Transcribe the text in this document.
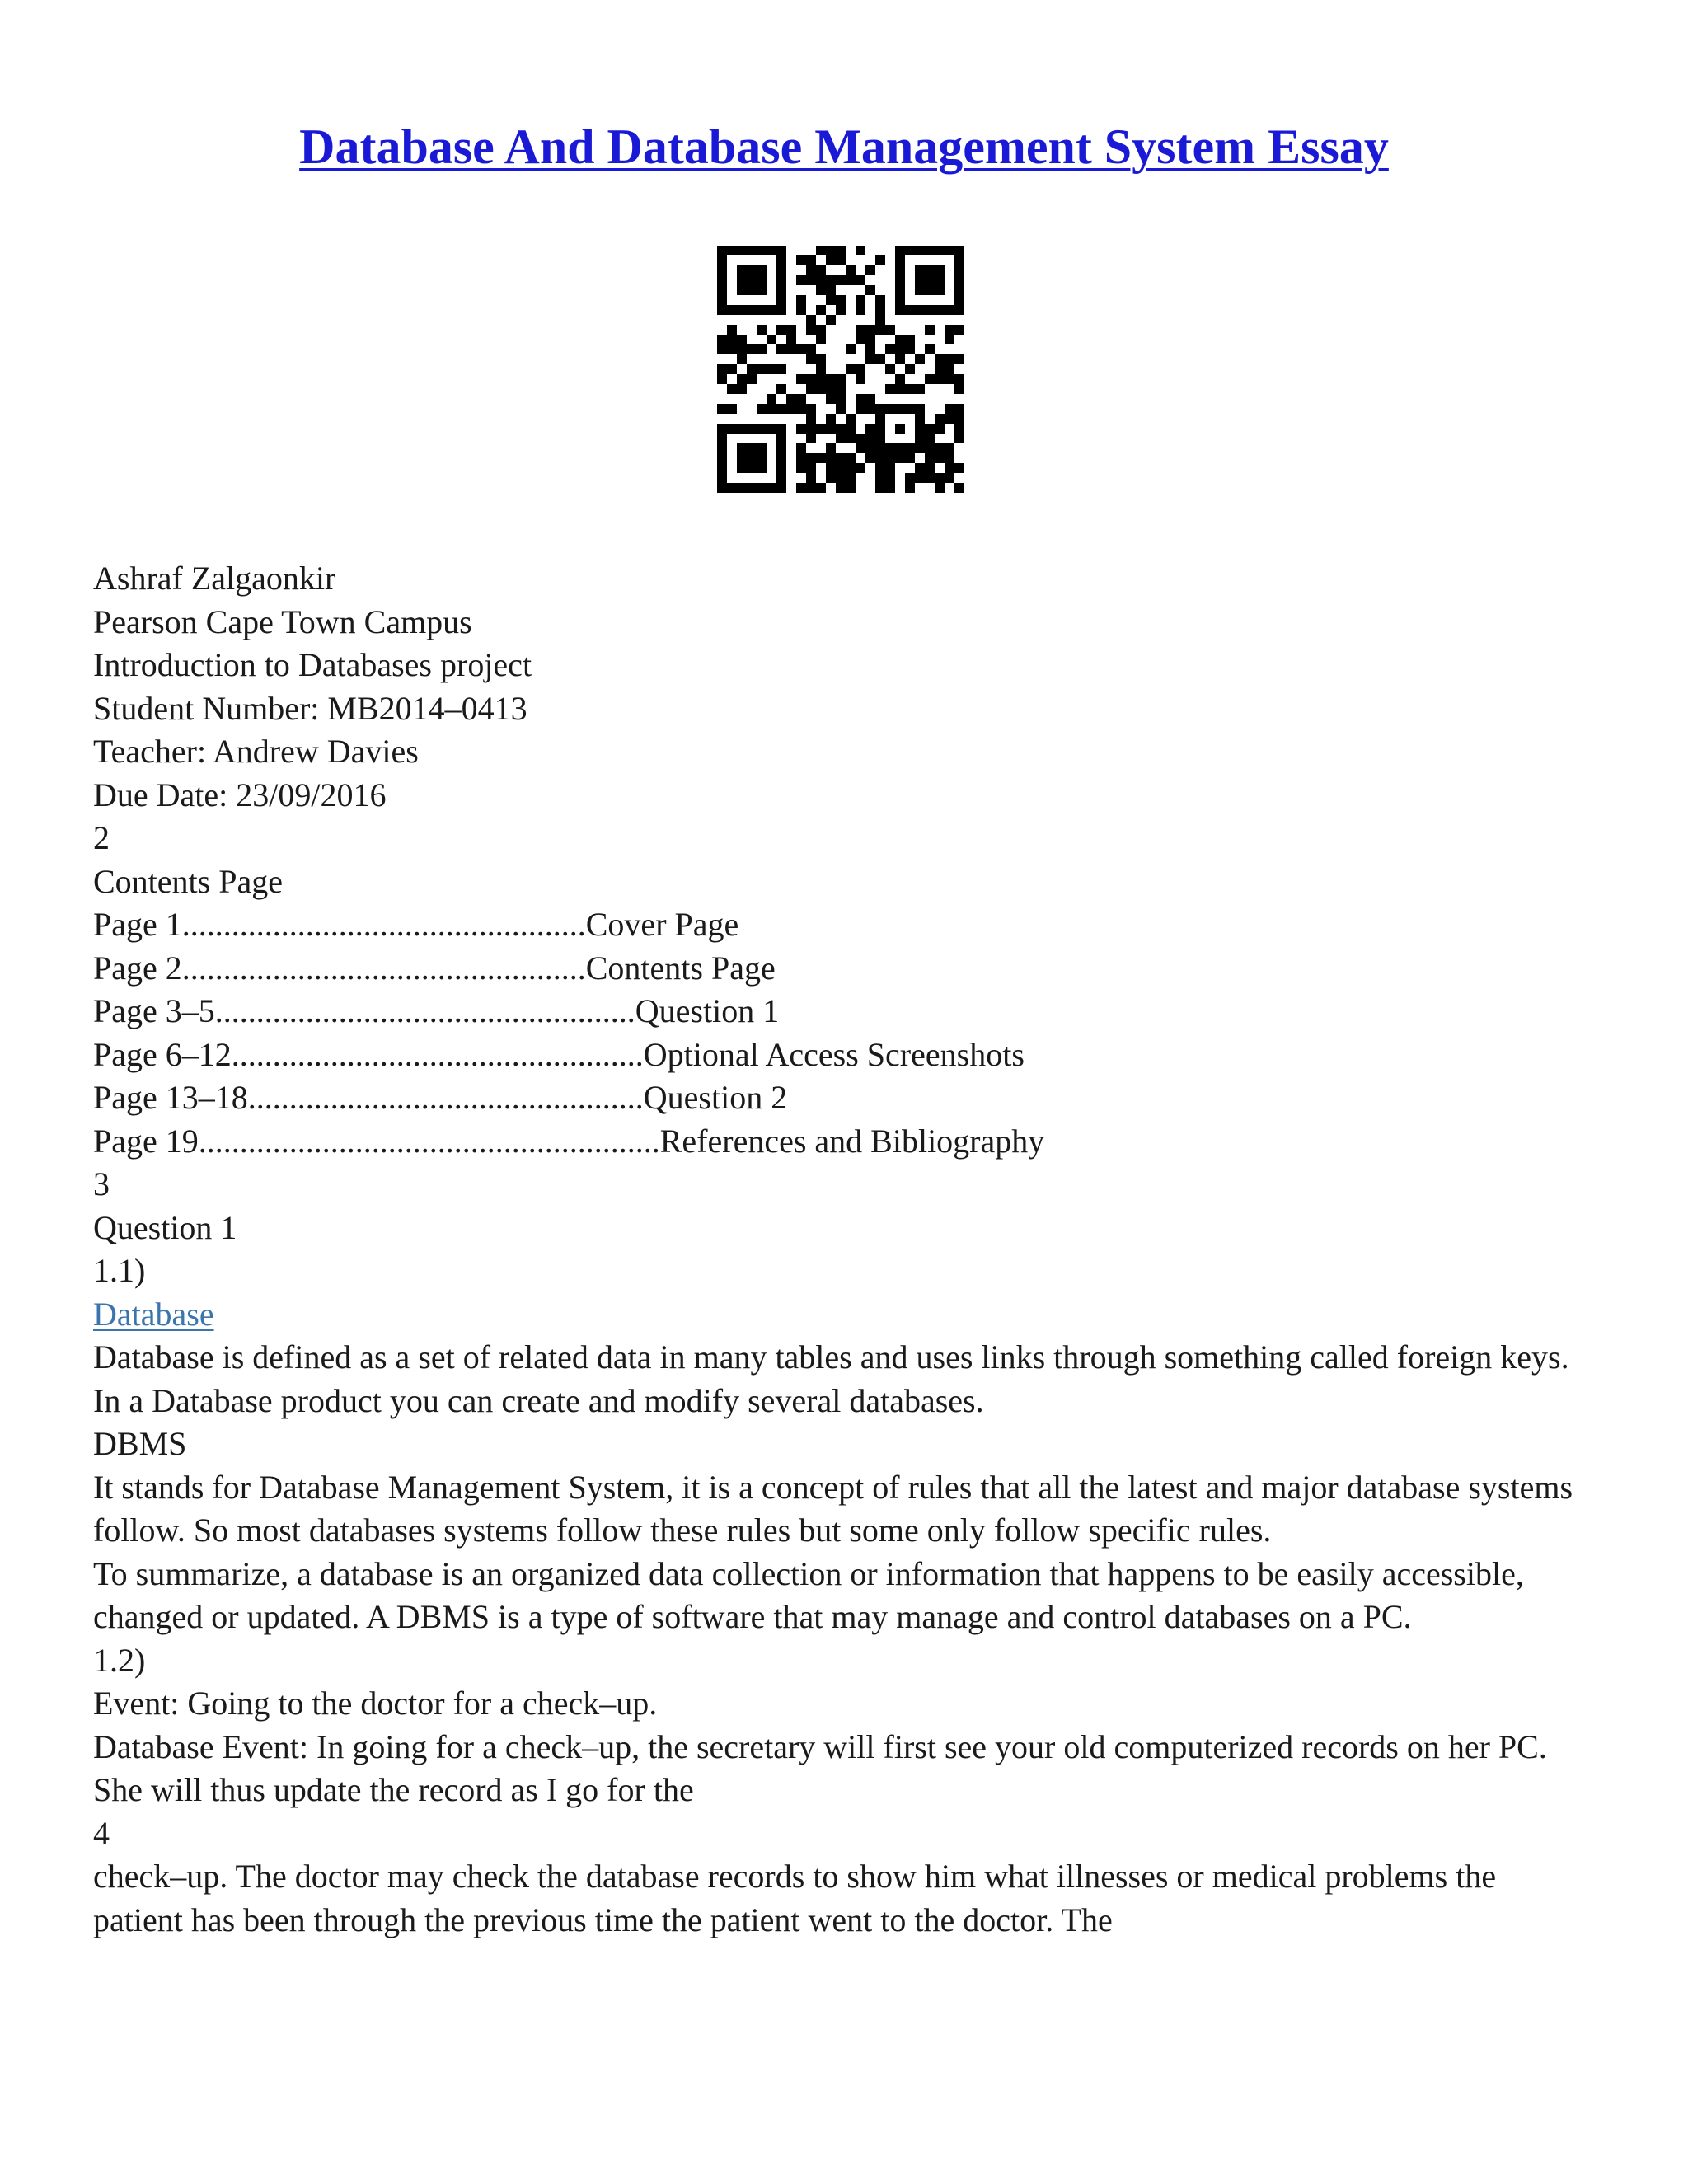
Database And Database Management System Essay
Ashraf Zalgaonkir
Pearson Cape Town Campus
Introduction to Databases project
Student Number: MB2014–0413
Teacher: Andrew Davies
Due Date: 23/09/2016
2
Contents Page
Page 1.................................................Cover Page
Page 2.................................................Contents Page
Page 3–5...................................................Question 1
Page 6–12..................................................Optional Access Screenshots
Page 13–18................................................Question 2
Page 19........................................................References and Bibliography
3
Question 1
1.1)
Database
Database is defined as a set of related data in many tables and uses links through something called foreign keys. In a Database product you can create and modify several databases.
DBMS
It stands for Database Management System, it is a concept of rules that all the latest and major database systems follow. So most databases systems follow these rules but some only follow specific rules.
To summarize, a database is an organized data collection or information that happens to be easily accessible, changed or updated. A DBMS is a type of software that may manage and control databases on a PC.
1.2)
Event: Going to the doctor for a check–up.
Database Event: In going for a check–up, the secretary will first see your old computerized records on her PC. She will thus update the record as I go for the
4
check–up. The doctor may check the database records to show him what illnesses or medical problems the patient has been through the previous time the patient went to the doctor. The
